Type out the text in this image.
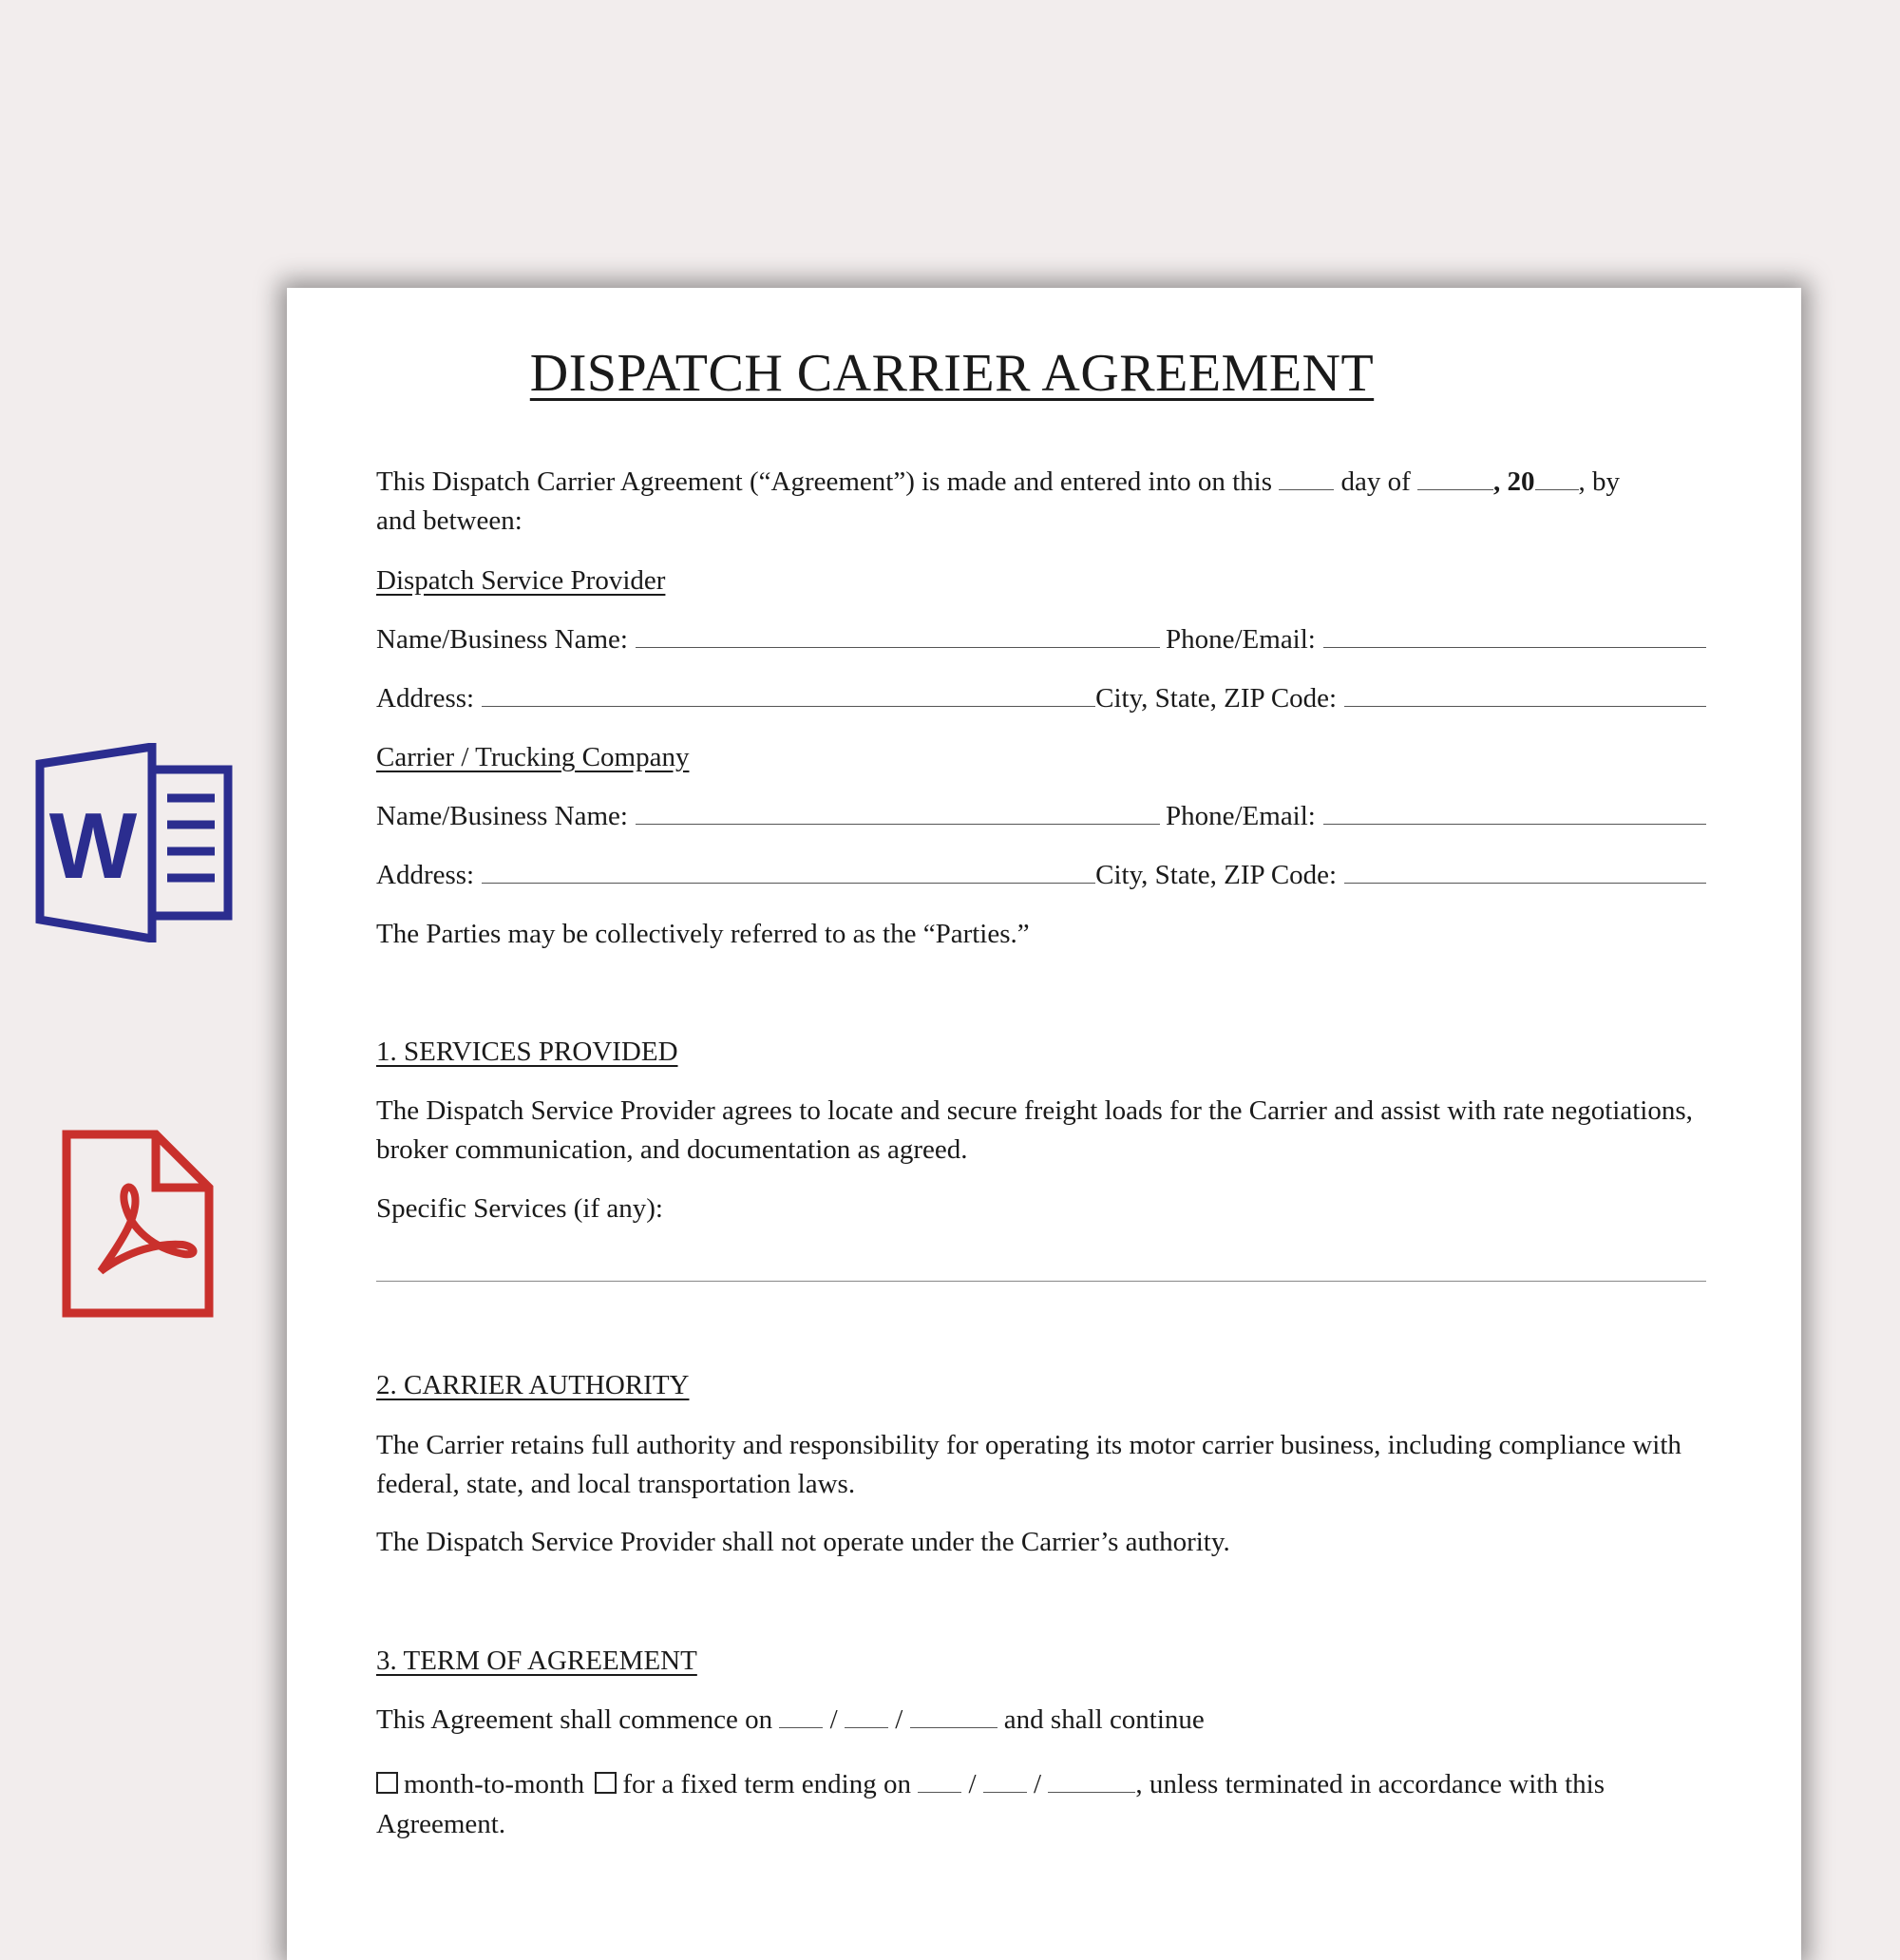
W
DISPATCH CARRIER AGREEMENT
This Dispatch Carrier Agreement (“Agreement”) is made and entered into on this	day of	, 20 , by
and between:
Dispatch Service Provider
Name/Business Name:	Phone/Email:
Address:	City, State, ZIP Code:
Carrier / Trucking Company
Name/Business Name:	Phone/Email:
Address:	City, State, ZIP Code:
The Parties may be collectively referred to as the “Parties.”
1. SERVICES PROVIDED
The Dispatch Service Provider agrees to locate and secure freight loads for the Carrier and assist with rate negotiations, broker communication, and documentation as agreed.
Specific Services (if any):
2. CARRIER AUTHORITY
The Carrier retains full authority and responsibility for operating its motor carrier business, including compliance with federal, state, and local transportation laws.
The Dispatch Service Provider shall not operate under the Carrier’s authority.
3. TERM OF AGREEMENT
This Agreement shall commence on / /	and shall continue
month-to-month for a fixed term ending on / /	, unless terminated in accordance with this
Agreement.
